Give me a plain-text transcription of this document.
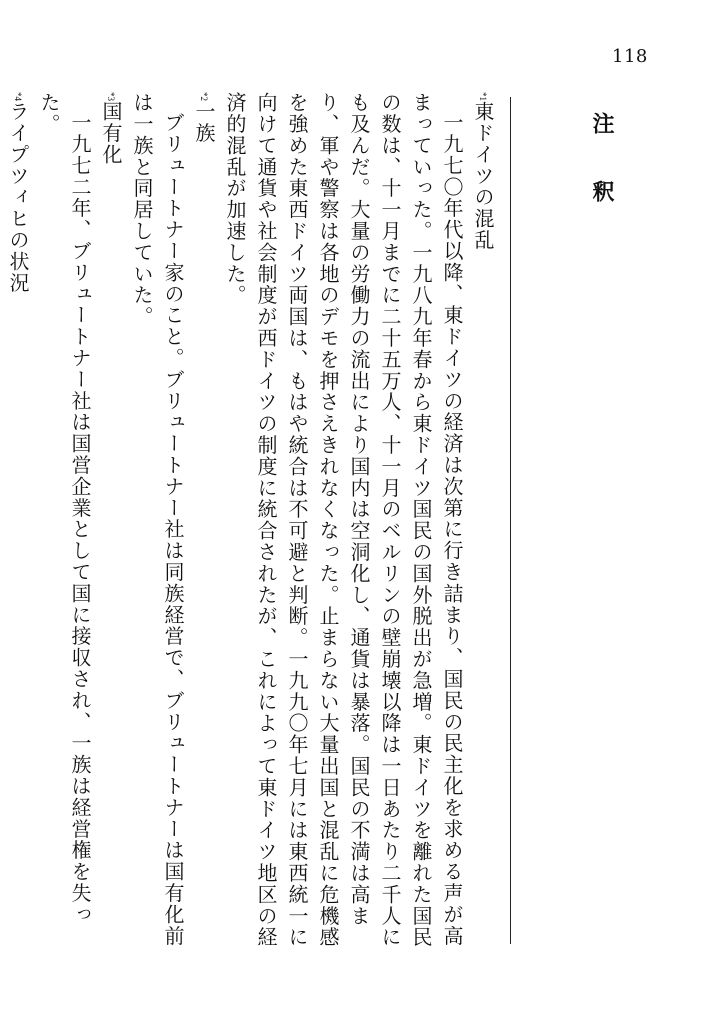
118
注　釈
*1東ドイツの混乱
一九七〇年代以降、東ドイツの経済は次第に行き詰まり、国民の民主化を求める声が高まっていった。一九八九年春から東ドイツ国民の国外脱出が急増。東ドイツを離れた国民の数は、十一月までに二十五万人、十一月のベルリンの壁崩壊以降は一日あたり二千人にも及んだ。大量の労働力の流出により国内は空洞化し、通貨は暴落。国民の不満は高まり、軍や警察は各地のデモを押さえきれなくなった。止まらない大量出国と混乱に危機感を強めた東西ドイツ両国は、もはや統合は不可避と判断。一九九〇年七月には東西統一に向けて通貨や社会制度が西ドイツの制度に統合されたが、これによって東ドイツ地区の経済的混乱が加速した。
*2一族
ブリュートナー家のこと。ブリュートナー社は同族経営で、ブリュートナーは国有化前は一族と同居していた。
*3国有化
一九七二年、ブリュートナー社は国営企業として国に接収され、一族は経営権を失った。
*4ライプツィヒの状況
